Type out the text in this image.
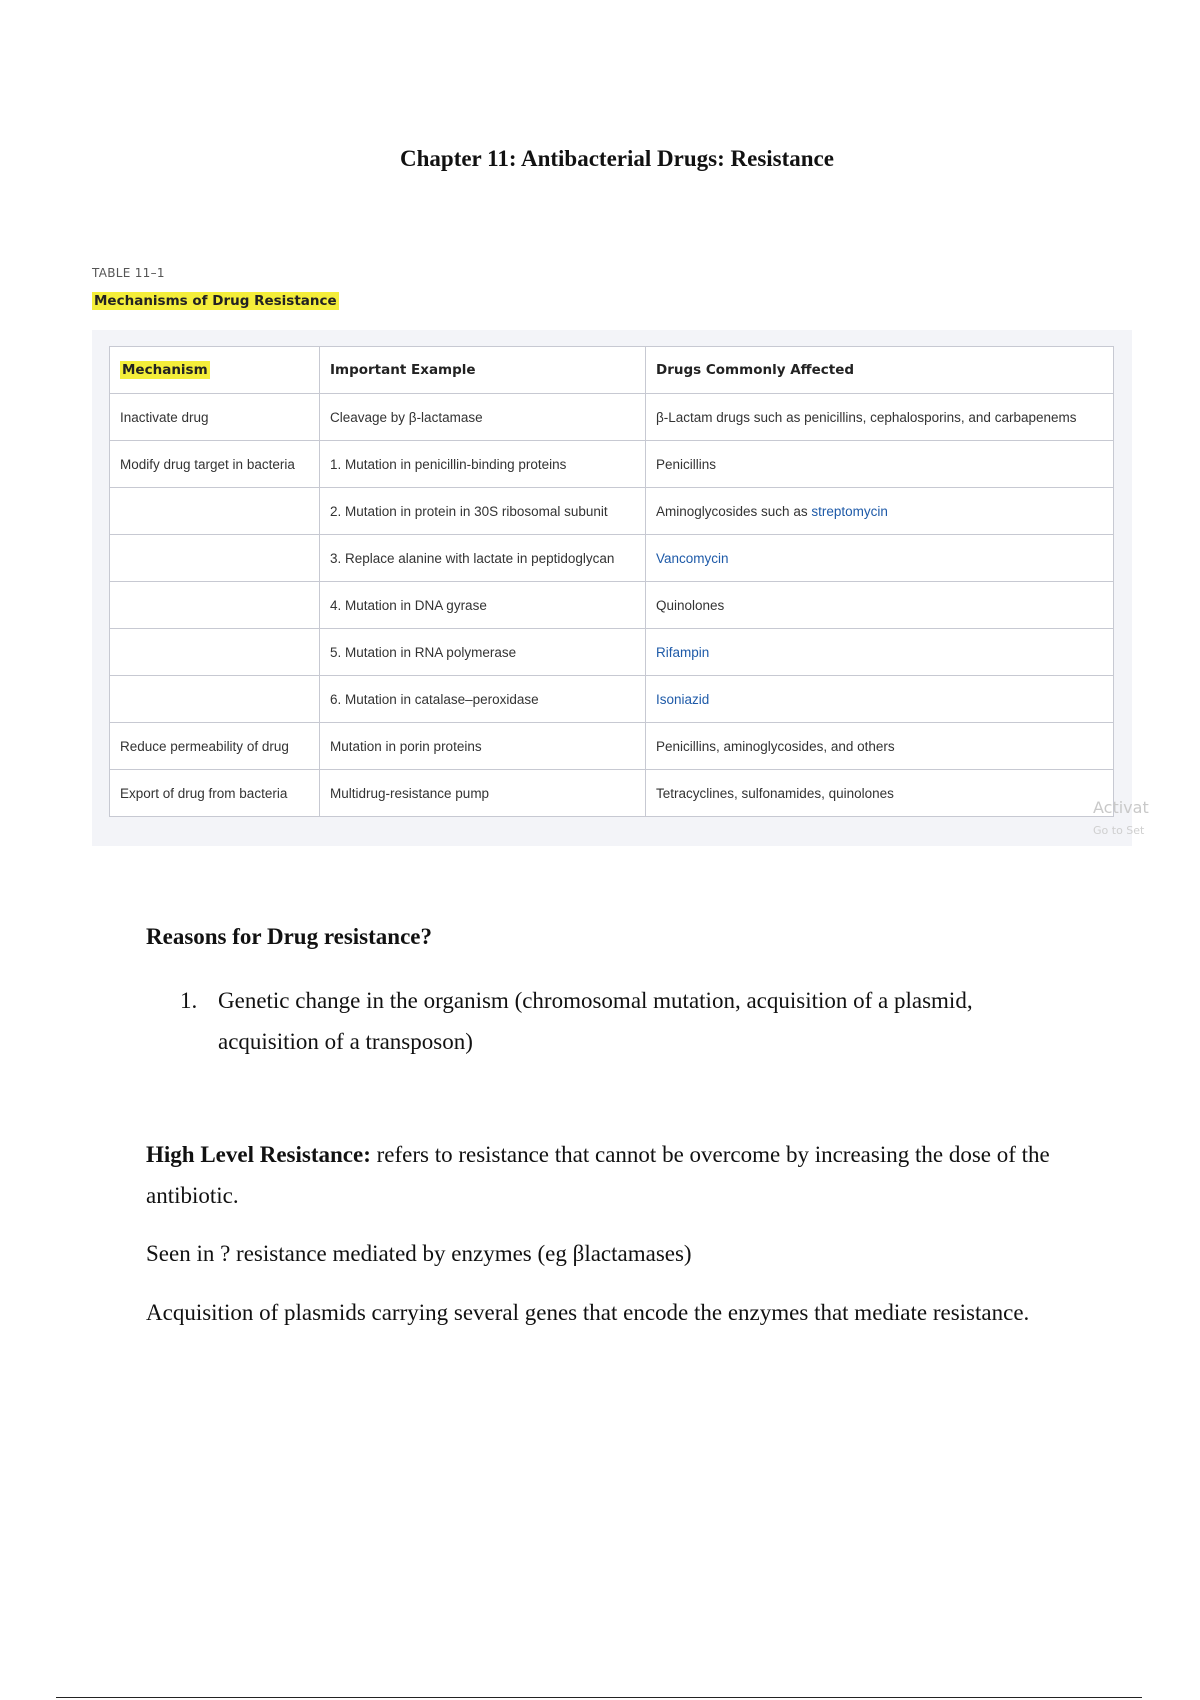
Chapter 11: Antibacterial Drugs: Resistance
TABLE 11–1
Mechanisms of Drug Resistance
Mechanism	Important Example	Drugs Commonly Affected
Inactivate drug	Cleavage by β-lactamase	β-Lactam drugs such as penicillins, cephalosporins, and carbapenems
Modify drug target in bacteria	1. Mutation in penicillin-binding proteins	Penicillins
	2. Mutation in protein in 30S ribosomal subunit	Aminoglycosides such as streptomycin
	3. Replace alanine with lactate in peptidoglycan	Vancomycin
	4. Mutation in DNA gyrase	Quinolones
	5. Mutation in RNA polymerase	Rifampin
	6. Mutation in catalase–peroxidase	Isoniazid
Reduce permeability of drug	Mutation in porin proteins	Penicillins, aminoglycosides, and others
Export of drug from bacteria	Multidrug-resistance pump	Tetracyclines, sulfonamides, quinolones
Activat
Go to Set
Reasons for Drug resistance?
1. Genetic change in the organism (chromosomal mutation, acquisition of a plasmid, acquisition of a transposon)
High Level Resistance: refers to resistance that cannot be overcome by increasing the dose of the antibiotic.
Seen in ? resistance mediated by enzymes (eg βlactamases)
Acquisition of plasmids carrying several genes that encode the enzymes that mediate resistance.
